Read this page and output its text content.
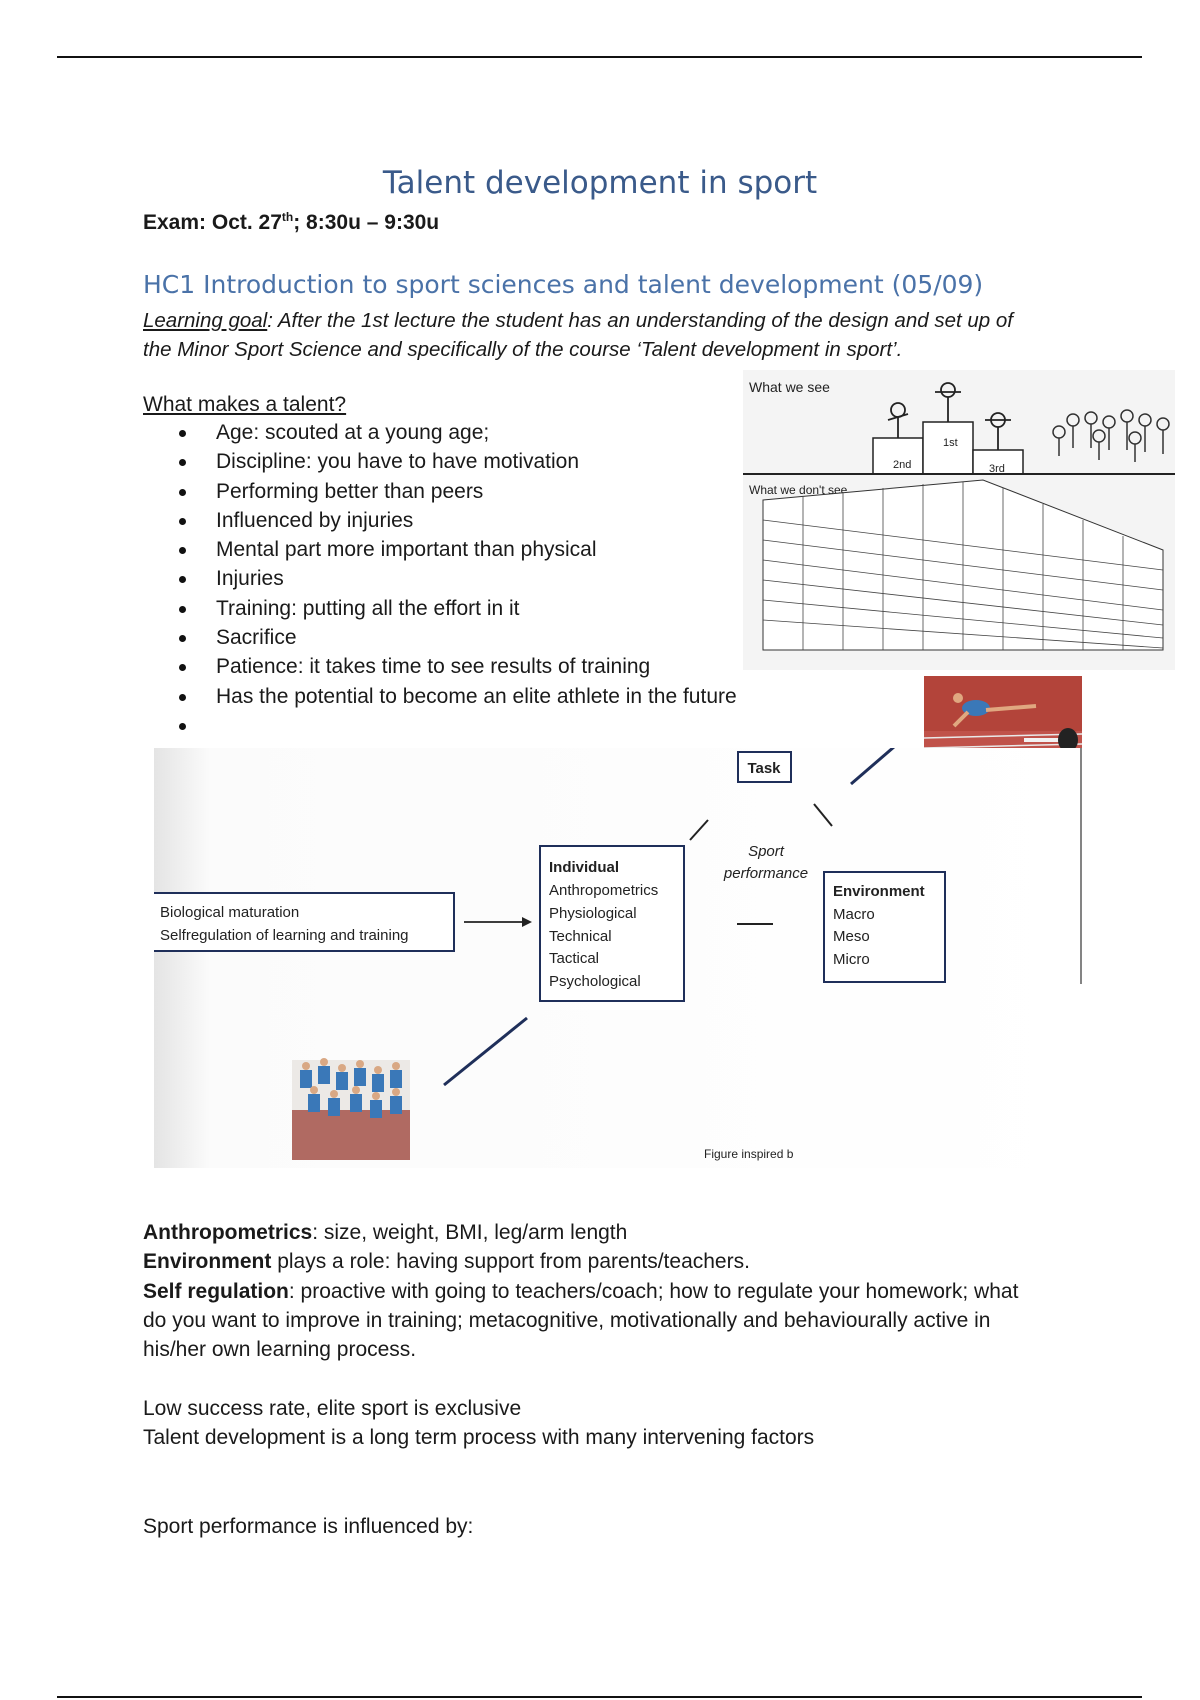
Talent development in sport
Exam: Oct. 27th; 8:30u – 9:30u
HC1 Introduction to sport sciences and talent development (05/09)
Learning goal: After the 1st lecture the student has an understanding of the design and set up of the Minor Sport Science and specifically of the course ‘Talent development in sport’.
What makes a talent?
Age: scouted at a young age;
Discipline: you have to have motivation
Performing better than peers
Influenced by injuries
Mental part more important than physical
Injuries
Training: putting all the effort in it
Sacrifice
Patience: it takes time to see results of training
Has the potential to become an elite athlete in the future
What we see
2nd
1st
3rd
What we don't see
Task
Sport
performance
Individual
Anthropometrics
Physiological
Technical
Tactical
Psychological
Environment
Macro
Meso
Micro
Biological maturation
Selfregulation of learning and training
Figure inspired b
Anthropometrics: size, weight, BMI, leg/arm length
Environment plays a role: having support from parents/teachers.
Self regulation: proactive with going to teachers/coach; how to regulate your homework; what do you want to improve in training; metacognitive, motivationally and behaviourally active in his/her own learning process.
Low success rate, elite sport is exclusive
Talent development is a long term process with many intervening factors
Sport performance is influenced by:
